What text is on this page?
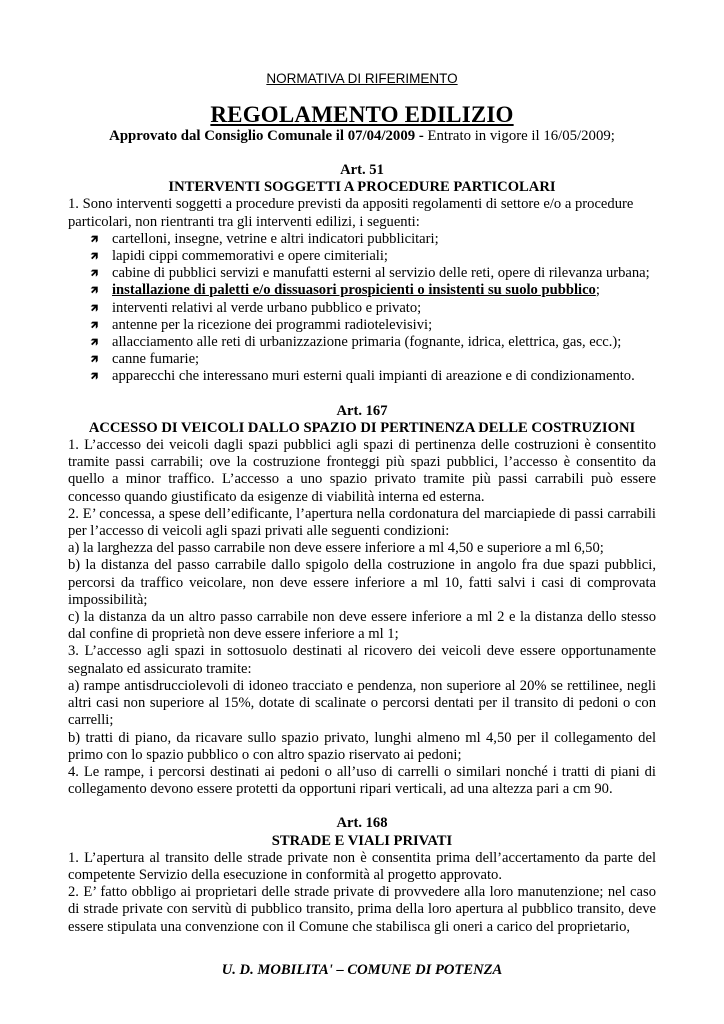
NORMATIVA DI RIFERIMENTO
REGOLAMENTO EDILIZIO
Approvato dal Consiglio Comunale il 07/04/2009 - Entrato in vigore il 16/05/2009;
Art. 51
INTERVENTI SOGGETTI A PROCEDURE PARTICOLARI
1. Sono interventi soggetti a procedure previsti da appositi regolamenti di settore e/o a procedure particolari, non rientranti tra gli interventi edilizi, i seguenti:
🡽 cartelloni, insegne, vetrine e altri indicatori pubblicitari;
🡽 lapidi cippi commemorativi e opere cimiteriali;
🡽 cabine di pubblici servizi e manufatti esterni al servizio delle reti, opere di rilevanza urbana;
🡽 installazione di paletti e/o dissuasori prospicienti o insistenti su suolo pubblico;
🡽 interventi relativi al verde urbano pubblico e privato;
🡽 antenne per la ricezione dei programmi radiotelevisivi;
🡽 allacciamento alle reti di urbanizzazione primaria (fognante, idrica, elettrica, gas, ecc.);
🡽 canne fumarie;
🡽 apparecchi che interessano muri esterni quali impianti di areazione e di condizionamento.
Art. 167
ACCESSO DI VEICOLI DALLO SPAZIO DI PERTINENZA DELLE COSTRUZIONI
1. L’accesso dei veicoli dagli spazi pubblici agli spazi di pertinenza delle costruzioni è consentito tramite passi carrabili; ove la costruzione fronteggi più spazi pubblici, l’accesso è consentito da quello a minor traffico. L’accesso a uno spazio privato tramite più passi carrabili può essere concesso quando giustificato da esigenze di viabilità interna ed esterna.
2. E’ concessa, a spese dell’edificante, l’apertura nella cordonatura del marciapiede di passi carrabili per l’accesso di veicoli agli spazi privati alle seguenti condizioni:
a) la larghezza del passo carrabile non deve essere inferiore a ml 4,50 e superiore a ml 6,50;
b) la distanza del passo carrabile dallo spigolo della costruzione in angolo fra due spazi pubblici, percorsi da traffico veicolare, non deve essere inferiore a ml 10, fatti salvi i casi di comprovata impossibilità;
c) la distanza da un altro passo carrabile non deve essere inferiore a ml 2 e la distanza dello stesso dal confine di proprietà non deve essere inferiore a ml 1;
3. L’accesso agli spazi in sottosuolo destinati al ricovero dei veicoli deve essere opportunamente segnalato ed assicurato tramite:
a) rampe antisdrucciolevoli di idoneo tracciato e pendenza, non superiore al 20% se rettilinee, negli altri casi non superiore al 15%, dotate di scalinate o percorsi dentati per il transito di pedoni o con carrelli;
b) tratti di piano, da ricavare sullo spazio privato, lunghi almeno ml 4,50 per il collegamento del primo con lo spazio pubblico o con altro spazio riservato ai pedoni;
4. Le rampe, i percorsi destinati ai pedoni o all’uso di carrelli o similari nonché i tratti di piani di collegamento devono essere protetti da opportuni ripari verticali, ad una altezza pari a cm 90.
Art. 168
STRADE E VIALI PRIVATI
1. L’apertura al transito delle strade private non è consentita prima dell’accertamento da parte del competente Servizio della esecuzione in conformità al progetto approvato.
2. E’ fatto obbligo ai proprietari delle strade private di provvedere alla loro manutenzione; nel caso di strade private con servitù di pubblico transito, prima della loro apertura al pubblico transito, deve essere stipulata una convenzione con il Comune che stabilisca gli oneri a carico del proprietario,
U. D. MOBILITA' – COMUNE DI POTENZA
